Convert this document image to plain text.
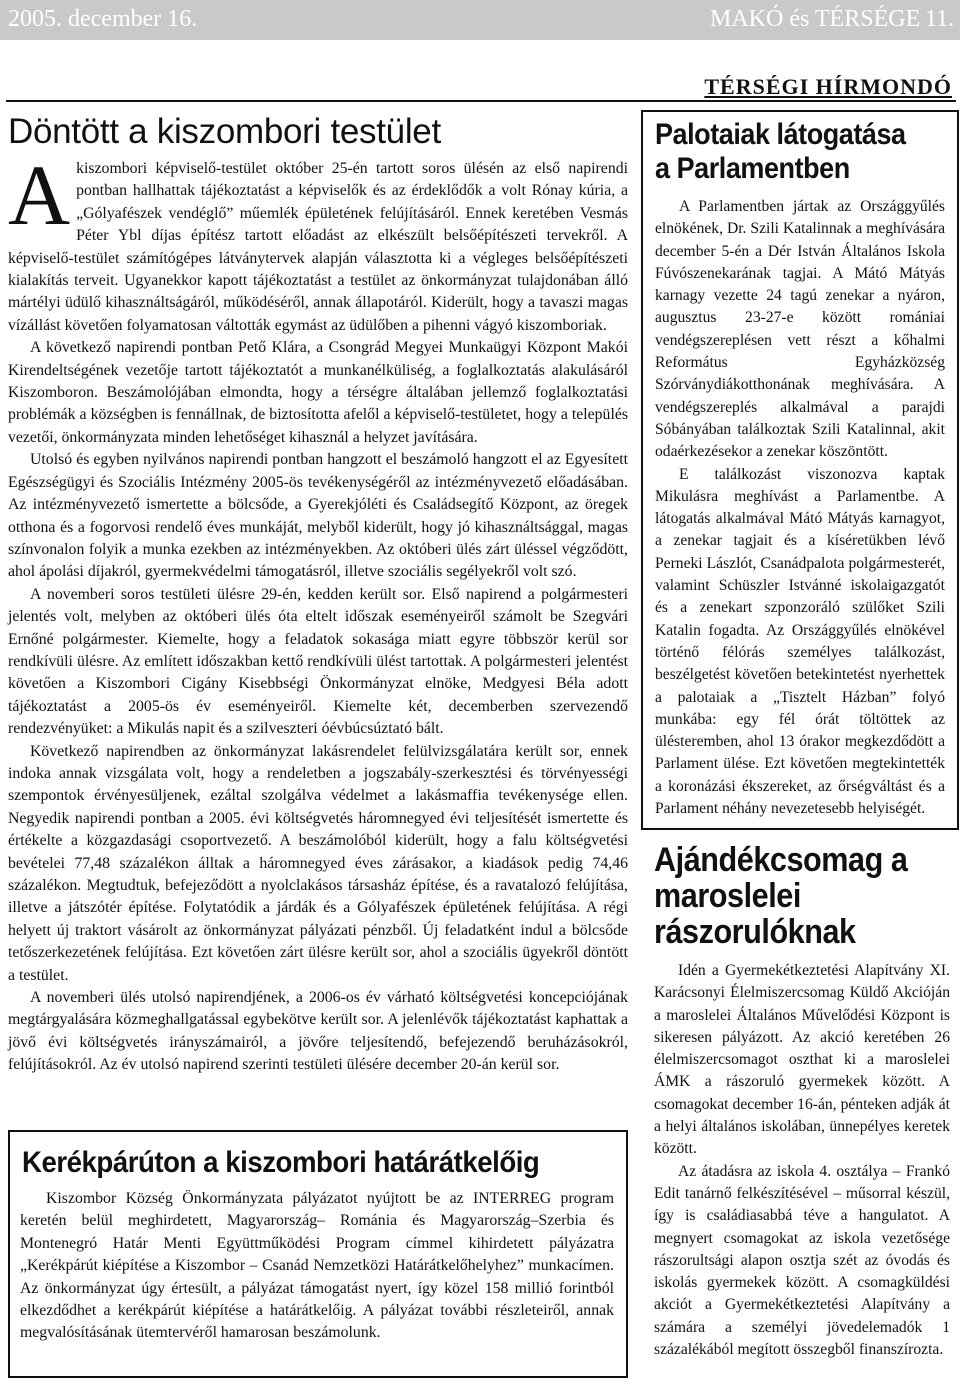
2005. december 16.	MAKÓ és TÉRSÉGE 11.
TÉRSÉGI HÍRMONDÓ
Döntött a kiszombori testület

A kiszombori képviselő-testület október 25-én tartott soros ülésén az első napirendi pontban hallhattak tájékoztatást a képviselők és az érdeklődők a volt Rónay kúria, a „Gólyafészek vendéglő” műemlék épületének felújításáról. Ennek keretében Vesmás Péter Ybl díjas építész tartott előadást az elkészült belsőépítészeti tervekről. A képviselő-testület számítógépes látványtervek alapján választotta ki a végleges belsőépítészeti kialakítás terveit. Ugyanekkor kapott tájékoztatást a testület az önkormányzat tulajdonában álló mártélyi üdülő kihasználtságáról, működéséről, annak állapotáról. Kiderült, hogy a tavaszi magas vízállást követően folyamatosan váltották egymást az üdülőben a pihenni vágyó kiszomboriak.

A következő napirendi pontban Pető Klára, a Csongrád Megyei Munkaügyi Központ Makói Kirendeltségének vezetője tartott tájékoztatót a munkanélküliség, a foglalkoztatás alakulásáról Kiszomboron. Beszámolójában elmondta, hogy a térségre általában jellemző foglalkoztatási problémák a községben is fennállnak, de biztosította afelől a képviselő-testületet, hogy a település vezetői, önkormányzata minden lehetőséget kihasznál a helyzet javítására.

Utolsó és egyben nyilvános napirendi pontban hangzott el beszámoló hangzott el az Egyesített Egészségügyi és Szociális Intézmény 2005-ös tevékenységéről az intézményvezető előadásában. Az intézményvezető ismertette a bölcsőde, a Gyerekjóléti és Családsegítő Központ, az öregek otthona és a fogorvosi rendelő éves munkáját, melyből kiderült, hogy jó kihasználtsággal, magas színvonalon folyik a munka ezekben az intézményekben. Az októberi ülés zárt üléssel végződött, ahol ápolási díjakról, gyermekvédelmi támogatásról, illetve szociális segélyekről volt szó.

A novemberi soros testületi ülésre 29-én, kedden került sor. Első napirend a polgármesteri jelentés volt, melyben az októberi ülés óta eltelt időszak eseményeiről számolt be Szegvári Ernőné polgármester. Kiemelte, hogy a feladatok sokasága miatt egyre többször kerül sor rendkívüli ülésre. Az említett időszakban kettő rendkívüli ülést tartottak. A polgármesteri jelentést követően a Kiszombori Cigány Kisebbségi Önkormányzat elnöke, Medgyesi Béla adott tájékoztatást a 2005-ös év eseményeiről. Kiemelte két, decemberben szervezendő rendezvényüket: a Mikulás napit és a szilveszteri óévbúcsúztató bált.

Következő napirendben az önkormányzat lakásrendelet felülvizsgálatára került sor, ennek indoka annak vizsgálata volt, hogy a rendeletben a jogszabály-szerkesztési és törvényességi szempontok érvényesüljenek, ezáltal szolgálva védelmet a lakásmaffia tevékenysége ellen. Negyedik napirendi pontban a 2005. évi költségvetés háromnegyed évi teljesítését ismertette és értékelte a közgazdasági csoportvezető. A beszámolóból kiderült, hogy a falu költségvetési bevételei 77,48 százalékon álltak a háromnegyed éves zárásakor, a kiadások pedig 74,46 százalékon. Megtudtuk, befejeződött a nyolclakásos társasház építése, és a ravatalozó felújítása, illetve a játszótér építése. Folytatódik a járdák és a Gólyafészek épületének felújítása. A régi helyett új traktort vásárolt az önkormányzat pályázati pénzből. Új feladatként indul a bölcsőde tetőszerkezetének felújítása. Ezt követően zárt ülésre került sor, ahol a szociális ügyekről döntött a testület.

A novemberi ülés utolsó napirendjének, a 2006-os év várható költségvetési koncepciójának megtárgyalására közmeghallgatással egybekötve került sor. A jelenlévők tájékoztatást kaphattak a jövő évi költségvetés irányszámairól, a jövőre teljesítendő, befejezendő beruházásokról, felújításokról. Az év utolsó napirend szerinti testületi ülésére december 20-án kerül sor.

Kerékpárúton a kiszombori határátkelőig

Kiszombor Község Önkormányzata pályázatot nyújtott be az INTERREG program keretén belül meghirdetett, Magyarország– Románia és Magyarország–Szerbia és Montenegró Határ Menti Együttműködési Program címmel kihirdetett pályázatra „Kerékpárút kiépítése a Kiszombor – Csanád Nemzetközi Határátkelőhelyhez” munkacímen. Az önkormányzat úgy értesült, a pályázat támogatást nyert, így közel 158 millió forintból elkezdődhet a kerékpárút kiépítése a határátkelőig. A pályázat további részleteiről, annak megvalósításának ütemtervéről hamarosan beszámolunk.

Palotaiak látogatása a Parlamentben

A Parlamentben jártak az Országgyűlés elnökének, Dr. Szili Katalinnak a meghívására december 5-én a Dér István Általános Iskola Fúvószenekarának tagjai. A Mátó Mátyás karnagy vezette 24 tagú zenekar a nyáron, augusztus 23-27-e között romániai vendégszereplésen vett részt a kőhalmi Református Egyházközség Szórványdiákotthonának meghívására. A vendégszereplés alkalmával a parajdi Sóbányában találkoztak Szili Katalinnal, akit odaérkezésekor a zenekar köszöntött.

E találkozást viszonozva kaptak Mikulásra meghívást a Parlamentbe. A látogatás alkalmával Mátó Mátyás karnagyot, a zenekar tagjait és a kíséretükben lévő Perneki Lászlót, Csanádpalota polgármesterét, valamint Schüszler Istvánné iskolaigazgatót és a zenekart szponzoráló szülőket Szili Katalin fogadta. Az Országgyűlés elnökével történő félórás személyes találkozást, beszélgetést követően betekintetést nyerhettek a palotaiak a „Tisztelt Házban” folyó munkába: egy fél órát töltöttek az ülésteremben, ahol 13 órakor megkezdődött a Parlament ülése. Ezt követően megtekintették a koronázási ékszereket, az őrségváltást és a Parlament néhány nevezetesebb helyiségét.

Ajándékcsomag a maroslelei rászorulóknak

Idén a Gyermekétkeztetési Alapítvány XI. Karácsonyi Élelmiszercsomag Küldő Akcióján a maroslelei Általános Művelődési Központ is sikeresen pályázott. Az akció keretében 26 élelmiszercsomagot oszthat ki a maroslelei ÁMK a rászoruló gyermekek között. A csomagokat december 16-án, pénteken adják át a helyi általános iskolában, ünnepélyes keretek között.

Az átadásra az iskola 4. osztálya – Frankó Edit tanárnő felkészítésével – műsorral készül, így is családiasabbá téve a hangulatot. A megnyert csomagokat az iskola vezetősége rászorultsági alapon osztja szét az óvodás és iskolás gyermekek között. A csomagküldési akciót a Gyermekétkeztetési Alapítvány a számára a személyi jövedelemadók 1 százalékából megított összegből finanszírozta.
